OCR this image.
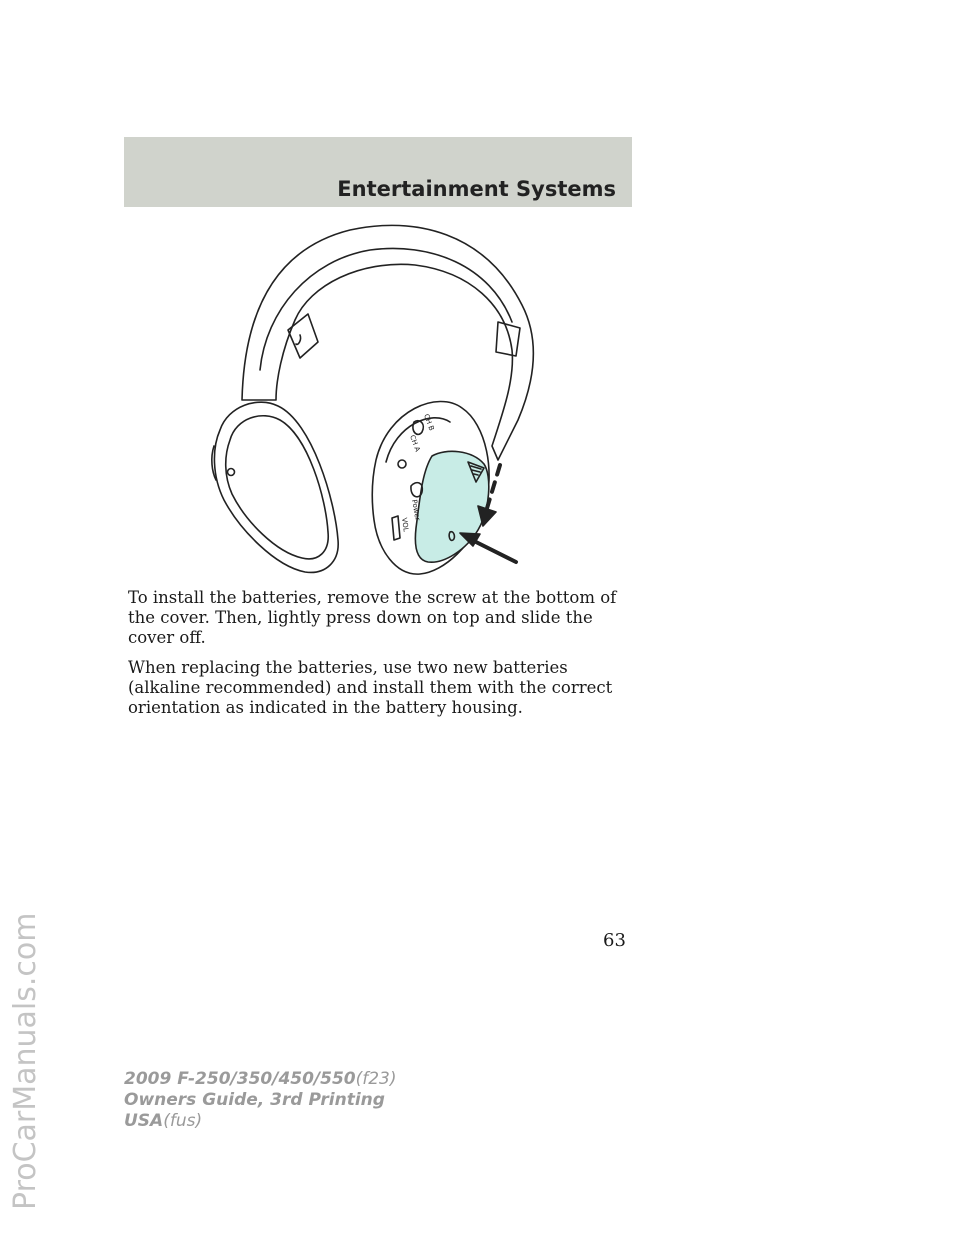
Entertainment Systems
CH B
CH A
Power
VOL

To install the batteries, remove the screw at the bottom of the cover. Then, lightly press down on top and slide the cover off.

When replacing the batteries, use two new batteries (alkaline recommended) and install them with the correct orientation as indicated in the battery housing.

63
2009 F-250/350/450/550(f23)
Owners Guide, 3rd Printing
USA(fus)
ProCarManuals.com
